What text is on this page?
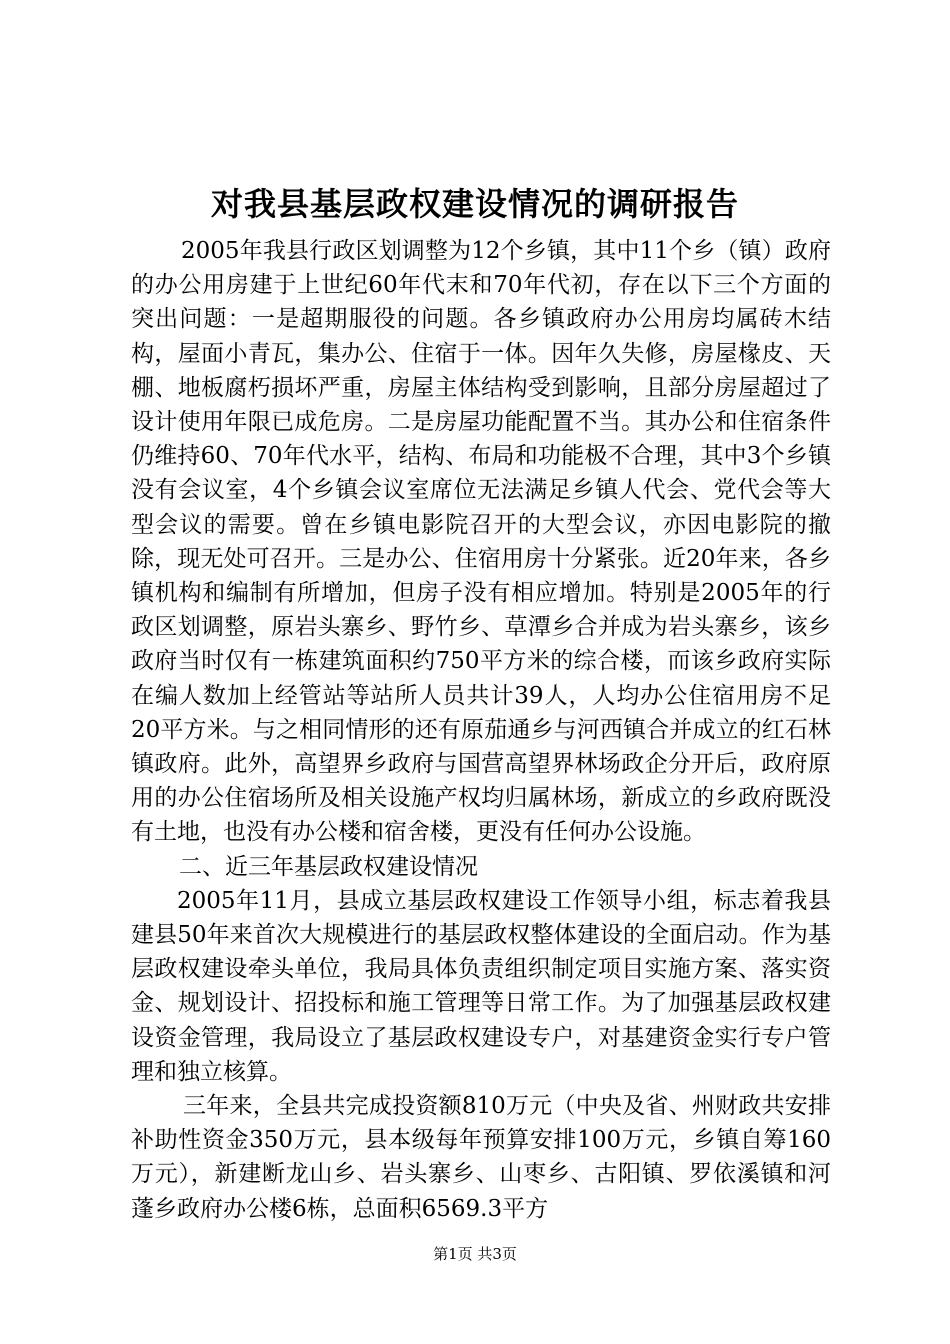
对我县基层政权建设情况的调研报告

2005年我县行政区划调整为12个乡镇，其中11个乡（镇）政府的办公用房建于上世纪60年代末和70年代初，存在以下三个方面的突出问题：一是超期服役的问题。各乡镇政府办公用房均属砖木结构，屋面小青瓦，集办公、住宿于一体。因年久失修，房屋椽皮、天棚、地板腐朽损坏严重，房屋主体结构受到影响，且部分房屋超过了设计使用年限已成危房。二是房屋功能配置不当。其办公和住宿条件仍维持60、70年代水平，结构、布局和功能极不合理，其中3个乡镇没有会议室，4个乡镇会议室席位无法满足乡镇人代会、党代会等大型会议的需要。曾在乡镇电影院召开的大型会议，亦因电影院的撤除，现无处可召开。三是办公、住宿用房十分紧张。近20年来，各乡镇机构和编制有所增加，但房子没有相应增加。特别是2005年的行政区划调整，原岩头寨乡、野竹乡、草潭乡合并成为岩头寨乡，该乡政府当时仅有一栋建筑面积约750平方米的综合楼，而该乡政府实际在编人数加上经管站等站所人员共计39人，人均办公住宿用房不足20平方米。与之相同情形的还有原茄通乡与河西镇合并成立的红石林镇政府。此外，高望界乡政府与国营高望界林场政企分开后，政府原用的办公住宿场所及相关设施产权均归属林场，新成立的乡政府既没有土地，也没有办公楼和宿舍楼，更没有任何办公设施。

二、近三年基层政权建设情况

2005年11月，县成立基层政权建设工作领导小组，标志着我县建县50年来首次大规模进行的基层政权整体建设的全面启动。作为基层政权建设牵头单位，我局具体负责组织制定项目实施方案、落实资金、规划设计、招投标和施工管理等日常工作。为了加强基层政权建设资金管理，我局设立了基层政权建设专户，对基建资金实行专户管理和独立核算。

三年来，全县共完成投资额810万元（中央及省、州财政共安排补助性资金350万元，县本级每年预算安排100万元，乡镇自筹160万元），新建断龙山乡、岩头寨乡、山枣乡、古阳镇、罗依溪镇和河蓬乡政府办公楼6栋，总面积6569.3平方

第1页 共3页
